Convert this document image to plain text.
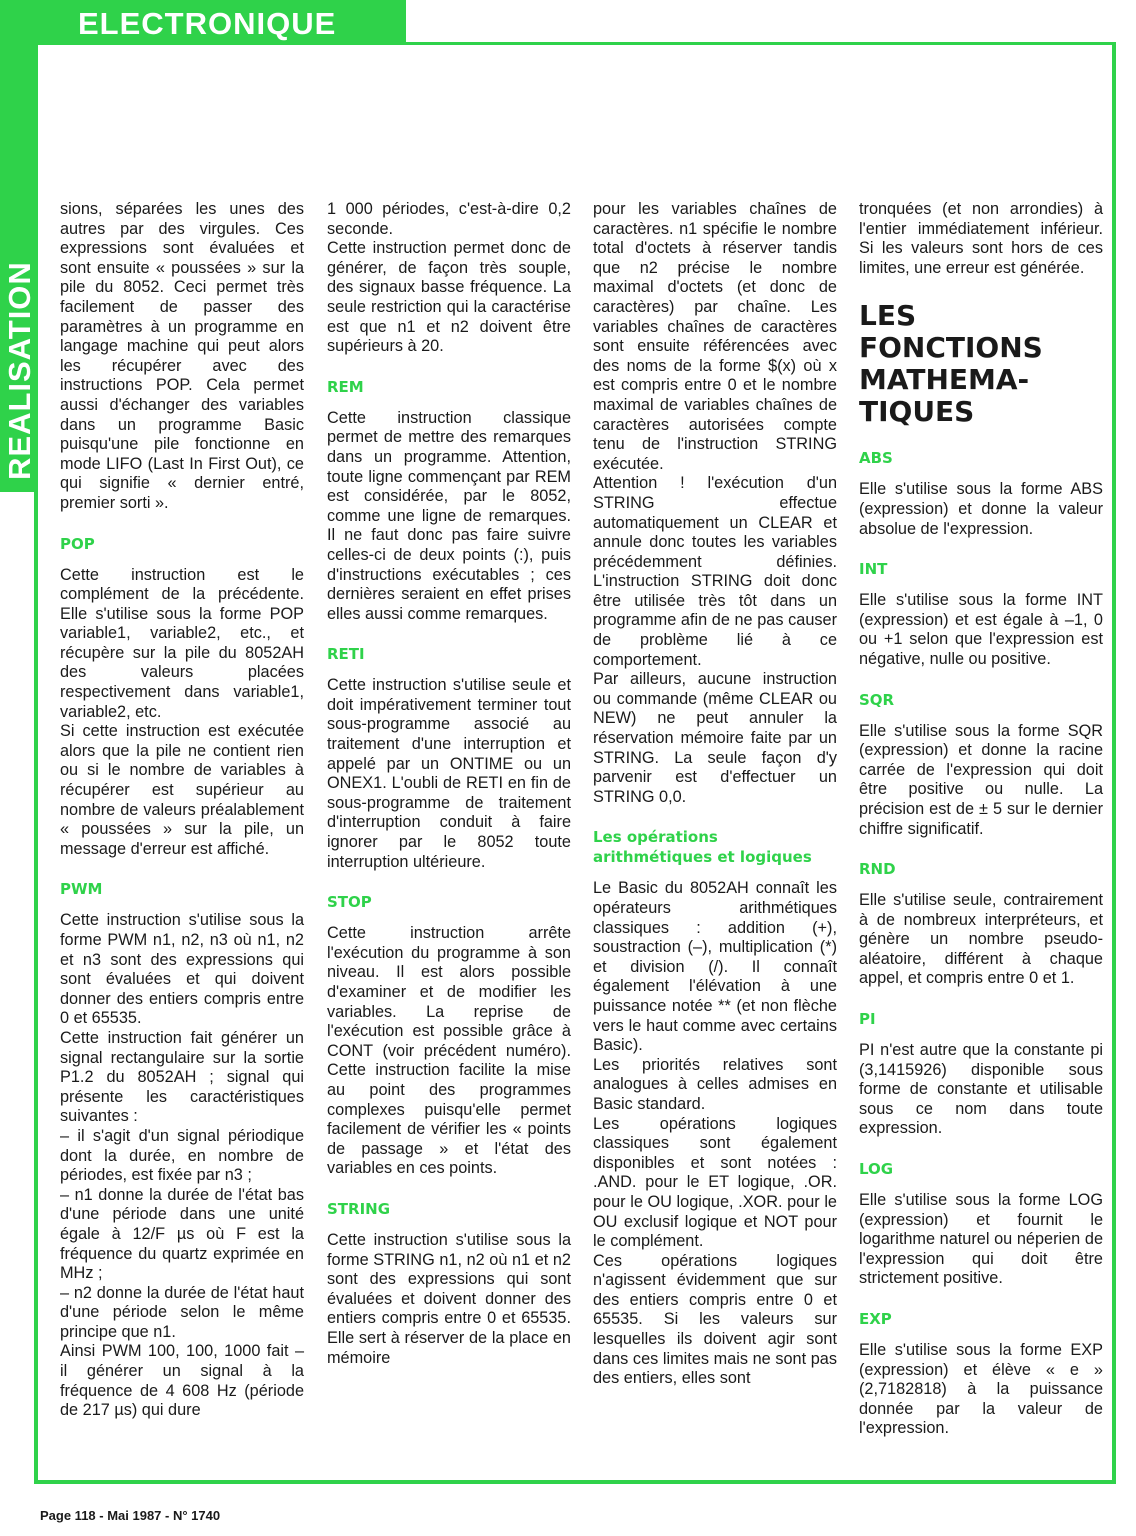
ELECTRONIQUE
REALISATION

sions, séparées les unes des autres par des virgules. Ces expressions sont évaluées et sont ensuite « poussées » sur la pile du 8052. Ceci permet très facilement de passer des paramètres à un programme en langage machine qui peut alors les récupérer avec des instructions POP. Cela permet aussi d'échanger des variables dans un programme Basic puisqu'une pile fonctionne en mode LIFO (Last In First Out), ce qui signifie « dernier entré, premier sorti ».

POP

Cette instruction est le complément de la précédente. Elle s'utilise sous la forme POP variable1, variable2, etc., et récupère sur la pile du 8052AH des valeurs placées respectivement dans variable1, variable2, etc.

Si cette instruction est exécutée alors que la pile ne contient rien ou si le nombre de variables à récupérer est supérieur au nombre de valeurs préalablement « poussées » sur la pile, un message d'erreur est affiché.

PWM

Cette instruction s'utilise sous la forme PWM n1, n2, n3 où n1, n2 et n3 sont des expressions qui sont évaluées et qui doivent donner des entiers compris entre 0 et 65535.

Cette instruction fait générer un signal rectangulaire sur la sortie P1.2 du 8052AH ; signal qui présente les caractéristiques suivantes :

– il s'agit d'un signal périodique dont la durée, en nombre de périodes, est fixée par n3 ;

– n1 donne la durée de l'état bas d'une période dans une unité égale à 12/F µs où F est la fréquence du quartz exprimée en MHz ;

– n2 donne la durée de l'état haut d'une période selon le même principe que n1.

Ainsi PWM 100, 100, 1000 fait – il générer un signal à la fréquence de 4 608 Hz (période de 217 µs) qui dure

1 000 périodes, c'est-à-dire 0,2 seconde.

Cette instruction permet donc de générer, de façon très souple, des signaux basse fréquence. La seule restriction qui la caractérise est que n1 et n2 doivent être supérieurs à 20.

REM

Cette instruction classique permet de mettre des remarques dans un programme. Attention, toute ligne commençant par REM est considérée, par le 8052, comme une ligne de remarques. Il ne faut donc pas faire suivre celles-ci de deux points (:), puis d'instructions exécutables ; ces dernières seraient en effet prises elles aussi comme remarques.

RETI

Cette instruction s'utilise seule et doit impérativement terminer tout sous-programme associé au traitement d'une interruption et appelé par un ONTIME ou un ONEX1. L'oubli de RETI en fin de sous-programme de traitement d'interruption conduit à faire ignorer par le 8052 toute interruption ultérieure.

STOP

Cette instruction arrête l'exécution du programme à son niveau. Il est alors possible d'examiner et de modifier les variables. La reprise de l'exécution est possible grâce à CONT (voir précédent numéro). Cette instruction facilite la mise au point des programmes complexes puisqu'elle permet facilement de vérifier les « points de passage » et l'état des variables en ces points.

STRING

Cette instruction s'utilise sous la forme STRING n1, n2 où n1 et n2 sont des expressions qui sont évaluées et doivent donner des entiers compris entre 0 et 65535. Elle sert à réserver de la place en mémoire

pour les variables chaînes de caractères. n1 spécifie le nombre total d'octets à réserver tandis que n2 précise le nombre maximal d'octets (et donc de caractères) par chaîne. Les variables chaînes de caractères sont ensuite référencées avec des noms de la forme $(x) où x est compris entre 0 et le nombre maximal de variables chaînes de caractères autorisées compte tenu de l'instruction STRING exécutée.

Attention ! l'exécution d'un STRING effectue automatiquement un CLEAR et annule donc toutes les variables précédemment définies. L'instruction STRING doit donc être utilisée très tôt dans un programme afin de ne pas causer de problème lié à ce comportement.

Par ailleurs, aucune instruction ou commande (même CLEAR ou NEW) ne peut annuler la réservation mémoire faite par un STRING. La seule façon d'y parvenir est d'effectuer un STRING 0,0.

Les opérations arithmétiques et logiques

Le Basic du 8052AH connaît les opérateurs arithmétiques classiques : addition (+), soustraction (–), multiplication (*) et division (/). Il connaît également l'élévation à une puissance notée ** (et non flèche vers le haut comme avec certains Basic).

Les priorités relatives sont analogues à celles admises en Basic standard.

Les opérations logiques classiques sont également disponibles et sont notées : .AND. pour le ET logique, .OR. pour le OU logique, .XOR. pour le OU exclusif logique et NOT pour le complément.

Ces opérations logiques n'agissent évidemment que sur des entiers compris entre 0 et 65535. Si les valeurs sur lesquelles ils doivent agir sont dans ces limites mais ne sont pas des entiers, elles sont

tronquées (et non arrondies) à l'entier immédiatement inférieur. Si les valeurs sont hors de ces limites, une erreur est générée.

LES FONCTIONS MATHEMA-TIQUES
ABS

Elle s'utilise sous la forme ABS (expression) et donne la valeur absolue de l'expression.

INT

Elle s'utilise sous la forme INT (expression) et est égale à –1, 0 ou +1 selon que l'expression est négative, nulle ou positive.

SQR

Elle s'utilise sous la forme SQR (expression) et donne la racine carrée de l'expression qui doit être positive ou nulle. La précision est de ± 5 sur le dernier chiffre significatif.

RND

Elle s'utilise seule, contrairement à de nombreux interpréteurs, et génère un nombre pseudo-aléatoire, différent à chaque appel, et compris entre 0 et 1.

PI

PI n'est autre que la constante pi (3,1415926) disponible sous forme de constante et utilisable sous ce nom dans toute expression.

LOG

Elle s'utilise sous la forme LOG (expression) et fournit le logarithme naturel ou néperien de l'expression qui doit être strictement positive.

EXP

Elle s'utilise sous la forme EXP (expression) et élève « e » (2,7182818) à la puissance donnée par la valeur de l'expression.

Page 118 - Mai 1987 - N° 1740
